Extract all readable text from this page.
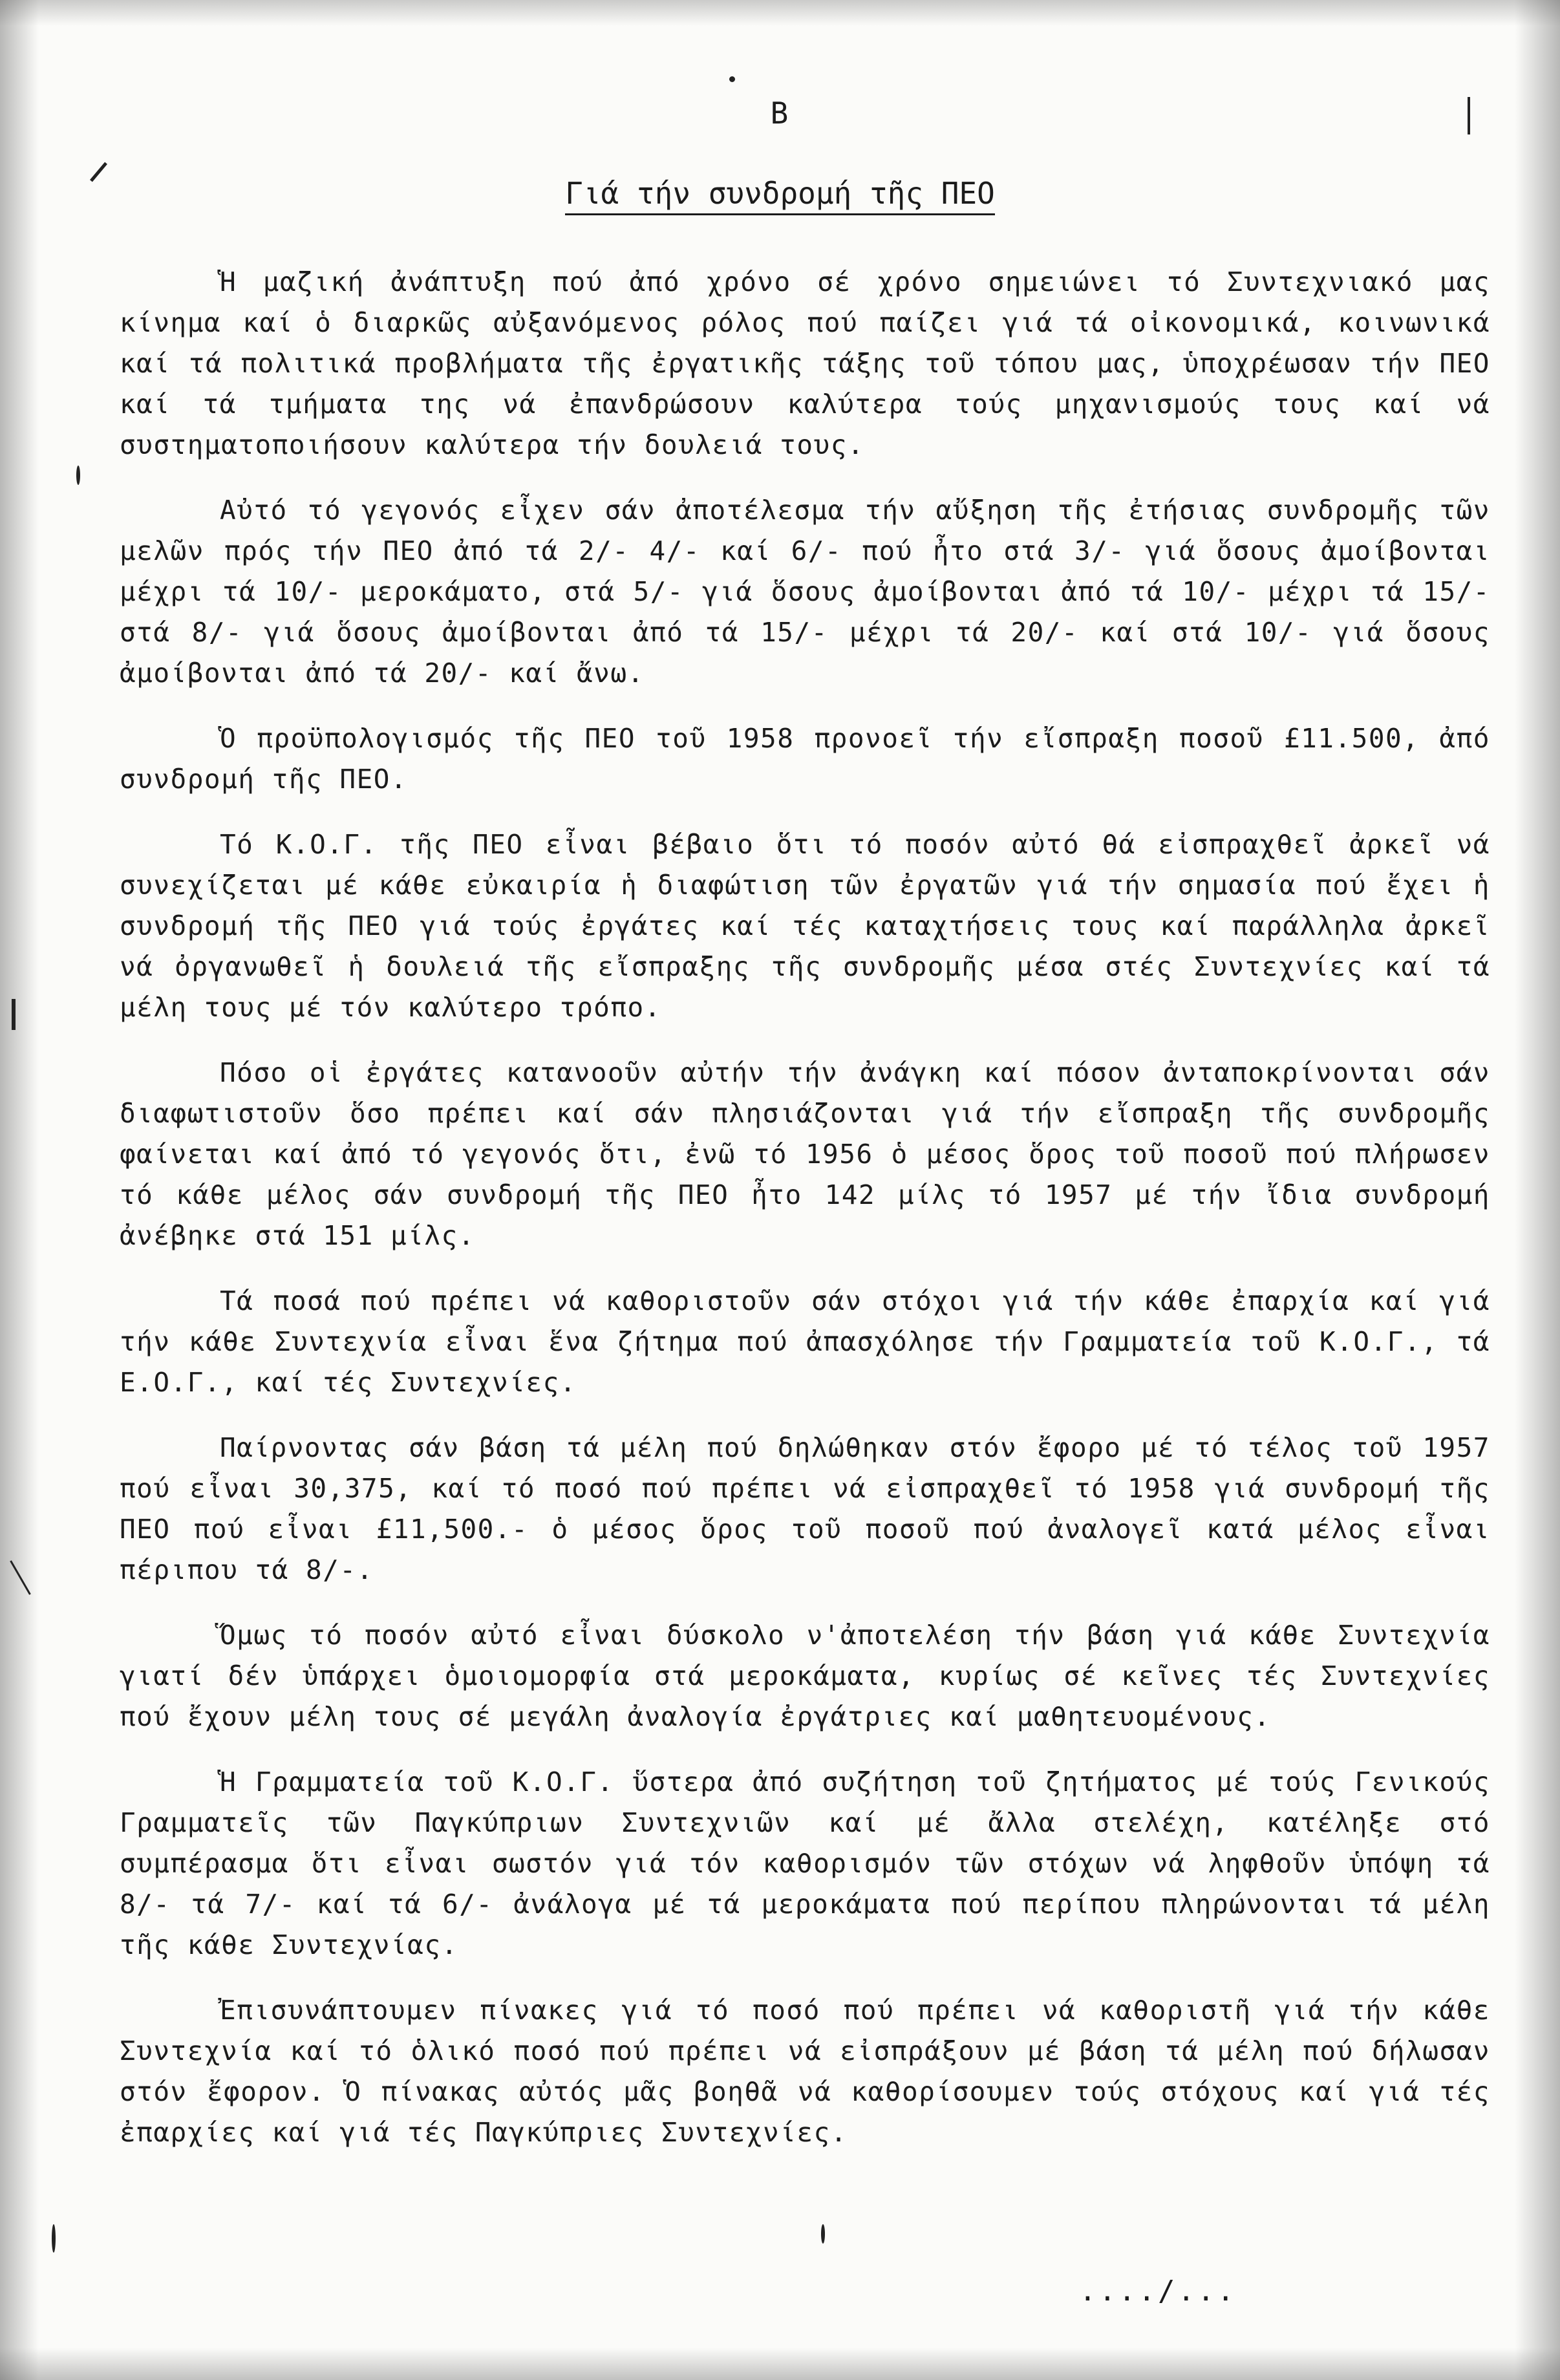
Β
Γιά τήν συνδρομή τῆς ΠΕΟ

Ἡ μαζική ἀνάπτυξη πού ἀπό χρόνο σέ χρόνο σημειώνει τό Συντεχνιακό μας κίνημα καί ὁ διαρκῶς αὐξανόμενος ρόλος πού παίζει γιά τά οἰκονομικά, κοινωνικά καί τά πολιτικά προβλήματα τῆς ἐργατικῆς τάξης τοῦ τόπου μας, ὑποχρέωσαν τήν ΠΕΟ καί τά τμήματα της νά ἐπανδρώσουν καλύτερα τούς μηχανισμούς τους καί νά συστηματοποιήσουν καλύτερα τήν δουλειά τους.

Αὐτό τό γεγονός εἶχεν σάν ἀποτέλεσμα τήν αὔξηση τῆς ἐτήσιας συνδρομῆς τῶν μελῶν πρός τήν ΠΕΟ ἀπό τά 2/- 4/- καί 6/- πού ἦτο στά 3/- γιά ὅσους ἀμοίβονται μέχρι τά 10/- μεροκάματο, στά 5/- γιά ὅσους ἀμοίβονται ἀπό τά 10/- μέχρι τά 15/- στά 8/- γιά ὅσους ἀμοίβονται ἀπό τά 15/- μέχρι τά 20/- καί στά 10/- γιά ὅσους ἀμοίβονται ἀπό τά 20/- καί ἄνω.

Ὁ προϋπολογισμός τῆς ΠΕΟ τοῦ 1958 προνοεῖ τήν εἴσπραξη ποσοῦ £11.500, ἀπό συνδρομή τῆς ΠΕΟ.

Τό Κ.Ο.Γ. τῆς ΠΕΟ εἶναι βέβαιο ὅτι τό ποσόν αὐτό θά εἰσπραχθεῖ ἀρκεῖ νά συνεχίζεται μέ κάθε εὐκαιρία ἡ διαφώτιση τῶν ἐργατῶν γιά τήν σημασία πού ἔχει ἡ συνδρομή τῆς ΠΕΟ γιά τούς ἐργάτες καί τές καταχτήσεις τους καί παράλληλα ἀρκεῖ νά ὀργανωθεῖ ἡ δουλειά τῆς εἴσπραξης τῆς συνδρομῆς μέσα στές Συντεχνίες καί τά μέλη τους μέ τόν καλύτερο τρόπο.

Πόσο οἱ ἐργάτες κατανοοῦν αὐτήν τήν ἀνάγκη καί πόσον ἀνταποκρίνονται σάν διαφωτιστοῦν ὅσο πρέπει καί σάν πλησιάζονται γιά τήν εἴσπραξη τῆς συνδρομῆς φαίνεται καί ἀπό τό γεγονός ὅτι, ἐνῶ τό 1956 ὁ μέσος ὅρος τοῦ ποσοῦ πού πλήρωσεν τό κάθε μέλος σάν συνδρομή τῆς ΠΕΟ ἦτο 142 μίλς τό 1957 μέ τήν ἴδια συνδρομή ἀνέβηκε στά 151 μίλς.

Τά ποσά πού πρέπει νά καθοριστοῦν σάν στόχοι γιά τήν κάθε ἐπαρχία καί γιά τήν κάθε Συντεχνία εἶναι ἕνα ζήτημα πού ἀπασχόλησε τήν Γραμματεία τοῦ Κ.Ο.Γ., τά Ε.Ο.Γ., καί τές Συντεχνίες.

Παίρνοντας σάν βάση τά μέλη πού δηλώθηκαν στόν ἔφορο μέ τό τέλος τοῦ 1957 πού εἶναι 30,375, καί τό ποσό πού πρέπει νά εἰσπραχθεῖ τό 1958 γιά συνδρομή τῆς ΠΕΟ πού εἶναι £11,500.- ὁ μέσος ὅρος τοῦ ποσοῦ πού ἀναλογεῖ κατά μέλος εἶναι πέριπου τά 8/-.

Ὅμως τό ποσόν αὐτό εἶναι δύσκολο ν'ἀποτελέση τήν βάση γιά κάθε Συντεχνία γιατί δέν ὑπάρχει ὁμοιομορφία στά μεροκάματα, κυρίως σέ κεῖνες τές Συντεχνίες πού ἔχουν μέλη τους σέ μεγάλη ἀναλογία ἐργάτριες καί μαθητευομένους.

Ἡ Γραμματεία τοῦ Κ.Ο.Γ. ὕστερα ἀπό συζήτηση τοῦ ζητήματος μέ τούς Γενικούς Γραμματεῖς τῶν Παγκύπριων Συντεχνιῶν καί μέ ἄλλα στελέχη, κατέληξε στό συμπέρασμα ὅτι εἶναι σωστόν γιά τόν καθορισμόν τῶν στόχων νά ληφθοῦν ὑπόψη τά 8/- τά 7/- καί τά 6/- ἀνάλογα μέ τά μεροκάματα πού περίπου πληρώνονται τά μέλη τῆς κάθε Συντεχνίας.

Ἐπισυνάπτουμεν πίνακες γιά τό ποσό πού πρέπει νά καθοριστῆ γιά τήν κάθε Συντεχνία καί τό ὁλικό ποσό πού πρέπει νά εἰσπράξουν μέ βάση τά μέλη πού δήλωσαν στόν ἔφορον. Ὁ πίνακας αὐτός μᾶς βοηθᾶ νά καθορίσουμεν τούς στόχους καί γιά τές ἐπαρχίες καί γιά τές Παγκύπριες Συντεχνίες.

..../...
